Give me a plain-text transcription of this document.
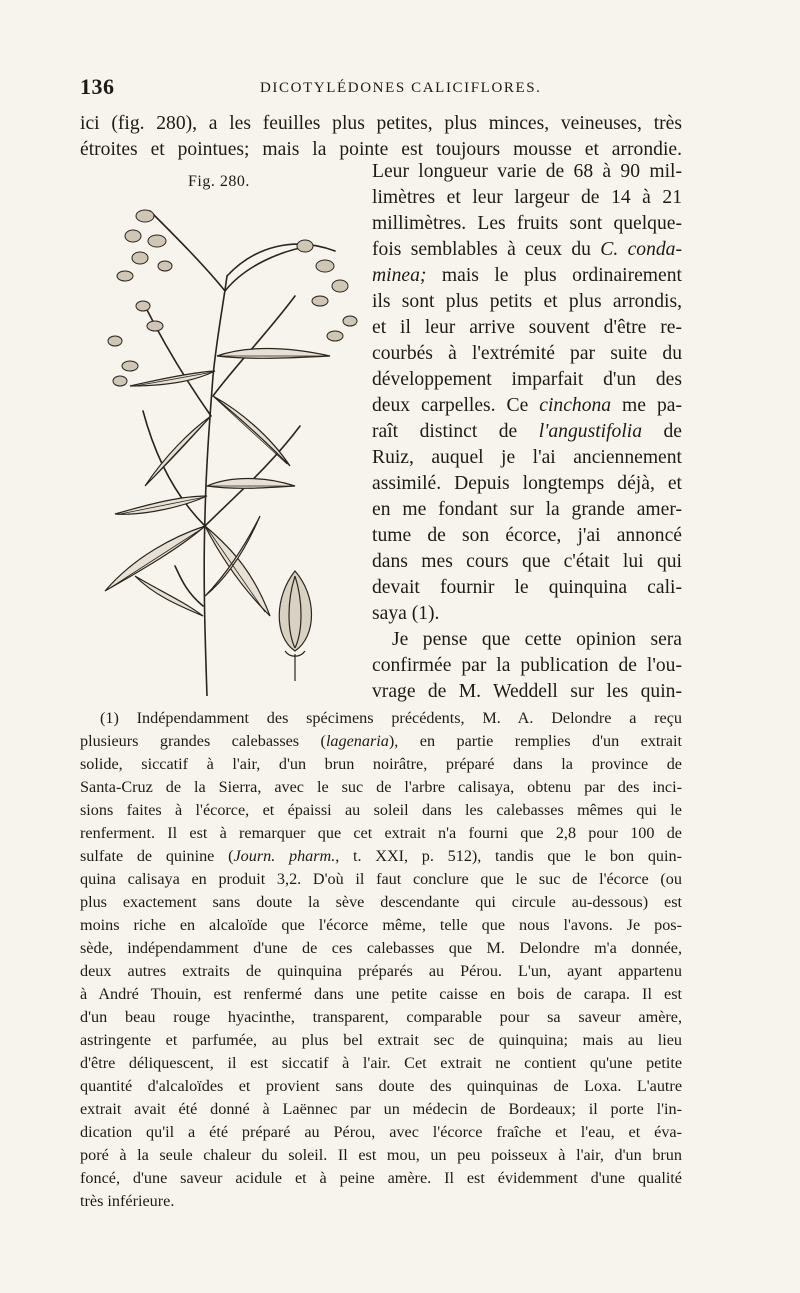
136	DICOTYLÉDONES CALICIFLORES.
ici (fig. 280), a les feuilles plus petites, plus minces, veineuses, très
étroites et pointues; mais la pointe est toujours mousse et arrondie.
Fig. 280.	Leur longueur varie de 68 à 90 mil-
limètres et leur largeur de 14 à 21
millimètres. Les fruits sont quelque-
fois semblables à ceux du C. conda-
minea; mais le plus ordinairement
ils sont plus petits et plus arrondis,
et il leur arrive souvent d'être re-
courbés à l'extrémité par suite du
développement imparfait d'un des
deux carpelles. Ce cinchona me pa-
raît distinct de l'angustifolia de
Ruiz, auquel je l'ai anciennement
assimilé. Depuis longtemps déjà, et
en me fondant sur la grande amer-
tume de son écorce, j'ai annoncé
dans mes cours que c'était lui qui
devait fournir le quinquina cali-
saya (1).
Je pense que cette opinion sera
confirmée par la publication de l'ou-
vrage de M. Weddell sur les quin-
(1) Indépendamment des spécimens précédents, M. A. Delondre a reçu
plusieurs grandes calebasses (lagenaria), en partie remplies d'un extrait
solide, siccatif à l'air, d'un brun noirâtre, préparé dans la province de
Santa-Cruz de la Sierra, avec le suc de l'arbre calisaya, obtenu par des inci-
sions faites à l'écorce, et épaissi au soleil dans les calebasses mêmes qui le
renferment. Il est à remarquer que cet extrait n'a fourni que 2,8 pour 100 de
sulfate de quinine (Journ. pharm., t. XXI, p. 512), tandis que le bon quin-
quina calisaya en produit 3,2. D'où il faut conclure que le suc de l'écorce (ou
plus exactement sans doute la sève descendante qui circule au-dessous) est
moins riche en alcaloïde que l'écorce même, telle que nous l'avons. Je pos-
sède, indépendamment d'une de ces calebasses que M. Delondre m'a donnée,
deux autres extraits de quinquina préparés au Pérou. L'un, ayant appartenu
à André Thouin, est renfermé dans une petite caisse en bois de carapa. Il est
d'un beau rouge hyacinthe, transparent, comparable pour sa saveur amère,
astringente et parfumée, au plus bel extrait sec de quinquina; mais au lieu
d'être déliquescent, il est siccatif à l'air. Cet extrait ne contient qu'une petite
quantité d'alcaloïdes et provient sans doute des quinquinas de Loxa. L'autre
extrait avait été donné à Laënnec par un médecin de Bordeaux; il porte l'in-
dication qu'il a été préparé au Pérou, avec l'écorce fraîche et l'eau, et éva-
poré à la seule chaleur du soleil. Il est mou, un peu poisseux à l'air, d'un brun
foncé, d'une saveur acidule et à peine amère. Il est évidemment d'une qualité
très inférieure.
